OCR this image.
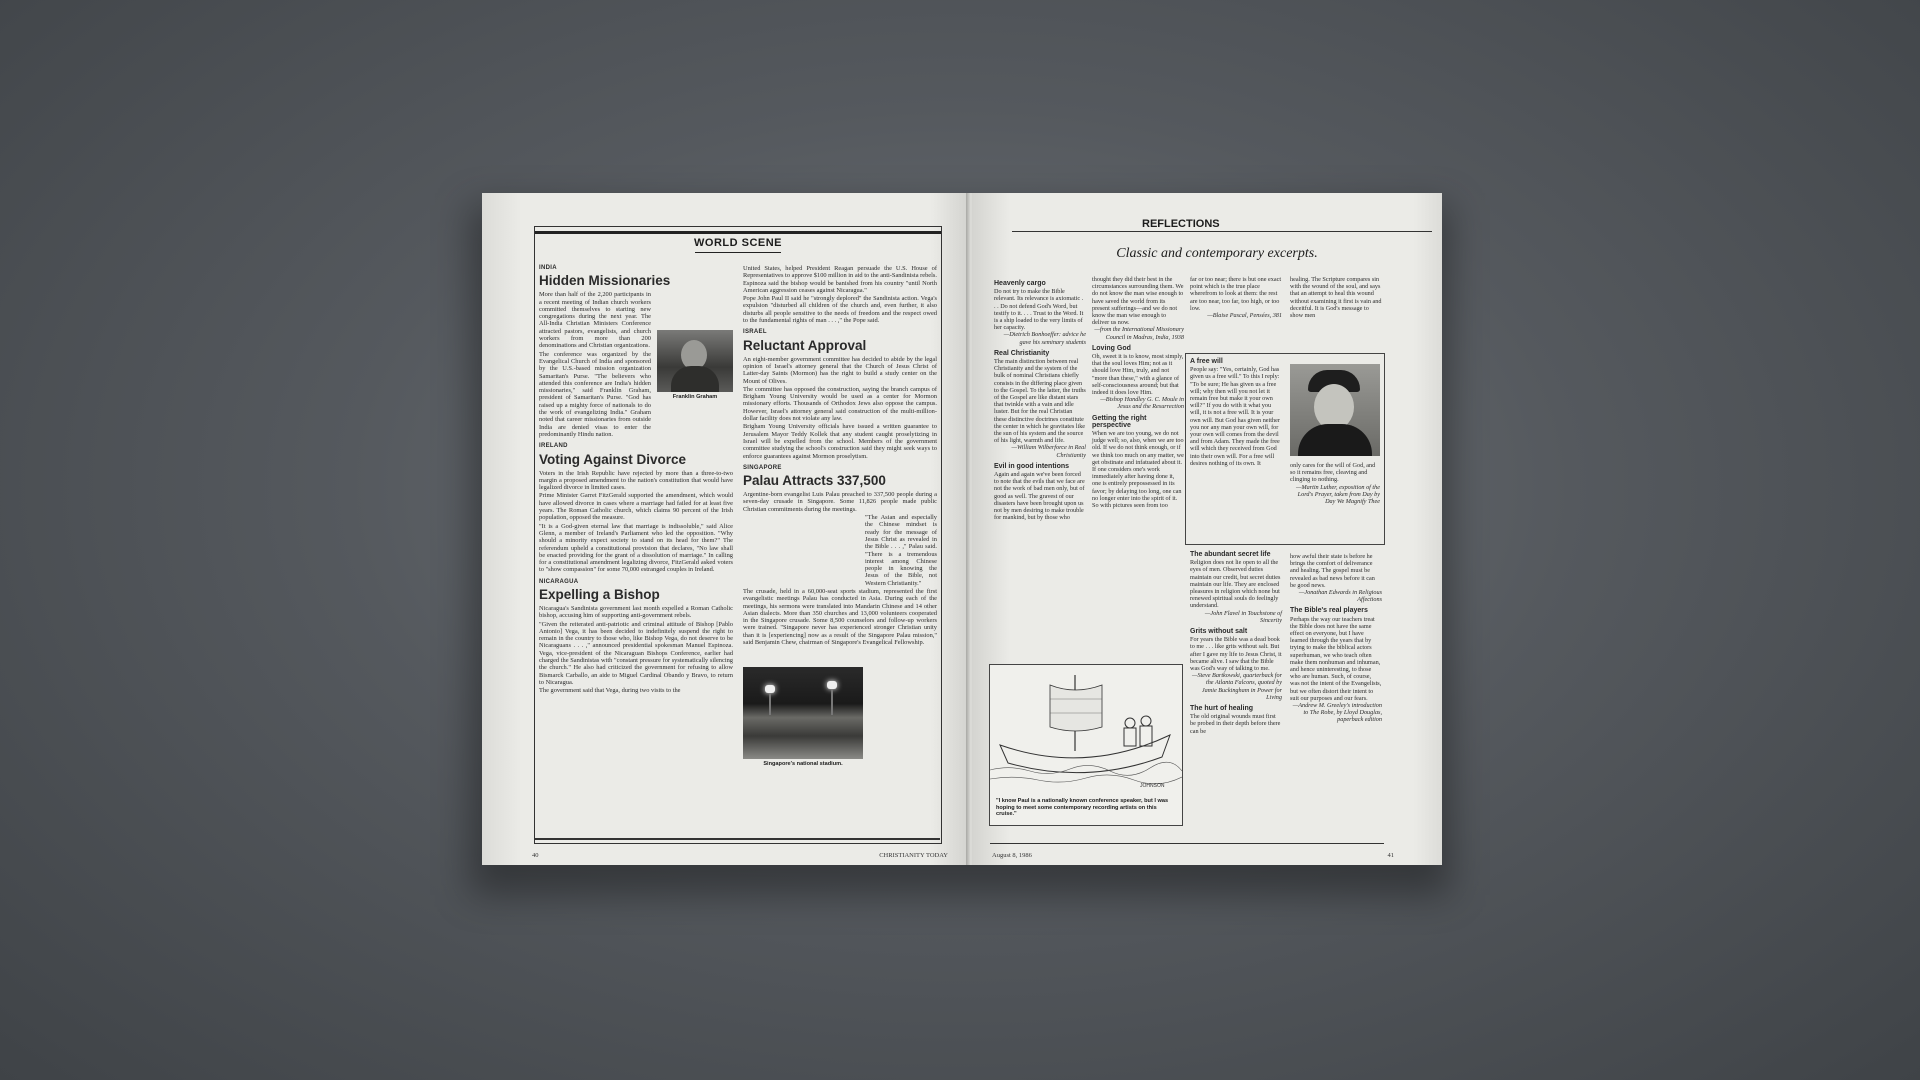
WORLD SCENE
INDIA
Hidden Missionaries

More than half of the 2,200 participants in a recent meeting of Indian church workers committed themselves to starting new congregations during the next year. The All-India Christian Ministers Conference attracted pastors, evangelists, and church workers from more than 200 denominations and Christian organizations.

The conference was organized by the Evangelical Church of India and sponsored by the U.S.-based mission organization Samaritan's Purse. "The believers who attended this conference are India's hidden missionaries," said Franklin Graham, president of Samaritan's Purse. "God has raised up a mighty force of nationals to do the work of evangelizing India." Graham noted that career missionaries from outside India are denied visas to enter the predominantly Hindu nation.

IRELAND
Voting Against Divorce

Voters in the Irish Republic have rejected by more than a three-to-two margin a proposed amendment to the nation's constitution that would have legalized divorce in limited cases.

Prime Minister Garret FitzGerald supported the amendment, which would have allowed divorce in cases where a marriage had failed for at least five years. The Roman Catholic church, which claims 90 percent of the Irish population, opposed the measure.

"It is a God-given eternal law that marriage is indissoluble," said Alice Glenn, a member of Ireland's Parliament who led the opposition. "Why should a minority expect society to stand on its head for them?" The referendum upheld a constitutional provision that declares, "No law shall be enacted providing for the grant of a dissolution of marriage." In calling for a constitutional amendment legalizing divorce, FitzGerald asked voters to "show compassion" for some 70,000 estranged couples in Ireland.

NICARAGUA
Expelling a Bishop

Nicaragua's Sandinista government last month expelled a Roman Catholic bishop, accusing him of supporting anti-government rebels.

"Given the reiterated anti-patriotic and criminal attitude of Bishop [Pablo Antonio] Vega, it has been decided to indefinitely suspend the right to remain in the country to those who, like Bishop Vega, do not deserve to be Nicaraguans . . . ," announced presidential spokesman Manuel Espinoza. Vega, vice-president of the Nicaraguan Bishops Conference, earlier had charged the Sandinistas with "constant pressure for systematically silencing the church." He also had criticized the government for refusing to allow Bismarck Carballo, an aide to Miguel Cardinal Obando y Bravo, to return to Nicaragua.

The government said that Vega, during two visits to the

Franklin Graham

United States, helped President Reagan persuade the U.S. House of Representatives to approve $100 million in aid to the anti-Sandinista rebels. Espinoza said the bishop would be banished from his country "until North American aggression ceases against Nicaragua."

Pope John Paul II said he "strongly deplored" the Sandinista action. Vega's expulsion "disturbed all children of the church and, even further, it also disturbs all people sensitive to the needs of freedom and the respect owed to the fundamental rights of man . . . ," the Pope said.

ISRAEL
Reluctant Approval

An eight-member government committee has decided to abide by the legal opinion of Israel's attorney general that the Church of Jesus Christ of Latter-day Saints (Mormon) has the right to build a study center on the Mount of Olives.

The committee has opposed the construction, saying the branch campus of Brigham Young University would be used as a center for Mormon missionary efforts. Thousands of Orthodox Jews also oppose the campus. However, Israel's attorney general said construction of the multi-million-dollar facility does not violate any law.

Brigham Young University officials have issued a written guarantee to Jerusalem Mayor Teddy Kollek that any student caught proselytizing in Israel will be expelled from the school. Members of the government committee studying the school's construction said they might seek ways to enforce guarantees against Mormon proselytism.

SINGAPORE
Palau Attracts 337,500

Argentine-born evangelist Luis Palau preached to 337,500 people during a seven-day crusade in Singapore. Some 11,826 people made public Christian commitments during the meetings.

"The Asian and especially the Chinese mindset is ready for the message of Jesus Christ as revealed in the Bible . . . ," Palau said. "There is a tremendous interest among Chinese people in knowing the Jesus of the Bible, not Western Christianity."

The crusade, held in a 60,000-seat sports stadium, represented the first evangelistic meetings Palau has conducted in Asia. During each of the meetings, his sermons were translated into Mandarin Chinese and 14 other Asian dialects. More than 350 churches and 13,000 volunteers cooperated in the Singapore crusade. Some 8,500 counselors and follow-up workers were trained. "Singapore never has experienced stronger Christian unity than it is [experiencing] now as a result of the Singapore Palau mission," said Benjamin Chew, chairman of Singapore's Evangelical Fellowship.

Singapore's national stadium.
40	CHRISTIANITY TODAY
REFLECTIONS
Classic and contemporary excerpts.
Heavenly cargo
Do not try to make the Bible relevant. Its relevance is axiomatic . . . Do not defend God's Word, but testify to it. . . . Trust to the Word. It is a ship loaded to the very limits of her capacity.
—Dietrich Bonhoeffer: advice he gave his seminary students
Real Christianity
The main distinction between real Christianity and the system of the bulk of nominal Christians chiefly consists in the differing place given to the Gospel. To the latter, the truths of the Gospel are like distant stars that twinkle with a vain and idle luster. But for the real Christian these distinctive doctrines constitute the center in which he gravitates like the sun of his system and the source of his light, warmth and life.
—William Wilberforce in Real Christianity
Evil in good intentions
Again and again we've been forced to note that the evils that we face are not the work of bad men only, but of good as well. The gravest of our disasters have been brought upon us not by men desiring to make trouble for mankind, but by those who
thought they did their best in the circumstances surrounding them. We do not know the man wise enough to have saved the world from its present sufferings—and we do not know the man wise enough to deliver us now.
—from the International Missionary Council in Madras, India, 1938
Loving God
Oh, sweet it is to know, most simply, that the soul loves Him; not as it should love Him, truly, and not "more than these," with a glance of self-consciousness around; but that indeed it does love Him.
—Bishop Handley G. C. Moule in Jesus and the Resurrection
Getting the right perspective
When we are too young, we do not judge well; so, also, when we are too old. If we do not think enough, or if we think too much on any matter, we get obstinate and infatuated about it. If one considers one's work immediately after having done it, one is entirely prepossessed in its favor; by delaying too long, one can no longer enter into the spirit of it. So with pictures seen from too
JOHNSON
"I know Paul is a nationally known conference speaker, but I was hoping to meet some contemporary recording artists on this cruise."
far or too near; there is but one exact point which is the true place wherefrom to look at them: the rest are too near, too far, too high, or too low.
—Blaise Pascal, Pensées, 381
A free will
People say: "Yes, certainly, God has given us a free will." To this I reply: "To be sure; He has given us a free will; why then will you not let it remain free but make it your own will?" If you do with it what you will, it is not a free will. It is your own will. But God has given neither you nor any man your own will, for your own will comes from the devil and from Adam. They made the free will which they received from God into their own will. For a free will desires nothing of its own. It	only cares for the will of God, and so it remains free, cleaving and clinging to nothing.
—Martin Luther, exposition of the Lord's Prayer, taken from Day by Day We Magnify Thee
healing. The Scripture compares sin with the wound of the soul, and says that an attempt to heal this wound without examining it first is vain and deceitful. It is God's message to show men
The abundant secret life
Religion does not lie open to all the eyes of men. Observed duties maintain our credit, but secret duties maintain our life. They are enclosed pleasures in religion which none but renewed spiritual souls do feelingly understand.
—John Flavel in Touchstone of Sincerity
Grits without salt
For years the Bible was a dead book to me . . . like grits without salt. But after I gave my life to Jesus Christ, it became alive. I saw that the Bible was God's way of talking to me.
—Steve Bartkowski, quarterback for the Atlanta Falcons, quoted by Jamie Buckingham in Power for Living
The hurt of healing
The old original wounds must first be probed in their depth before there can be
how awful their state is before he brings the comfort of deliverance and healing. The gospel must be revealed as bad news before it can be good news.
—Jonathan Edwards in Religious Affections
The Bible's real players
Perhaps the way our teachers treat the Bible does not have the same effect on everyone, but I have learned through the years that by trying to make the biblical actors superhuman, we who teach often make them nonhuman and inhuman, and hence uninteresting, to those who are human. Such, of course, was not the intent of the Evangelists, but we often distort their intent to suit our purposes and our fears.
—Andrew M. Greeley's introduction to The Robe, by Lloyd Douglas, paperback edition
August 8, 1986	41
